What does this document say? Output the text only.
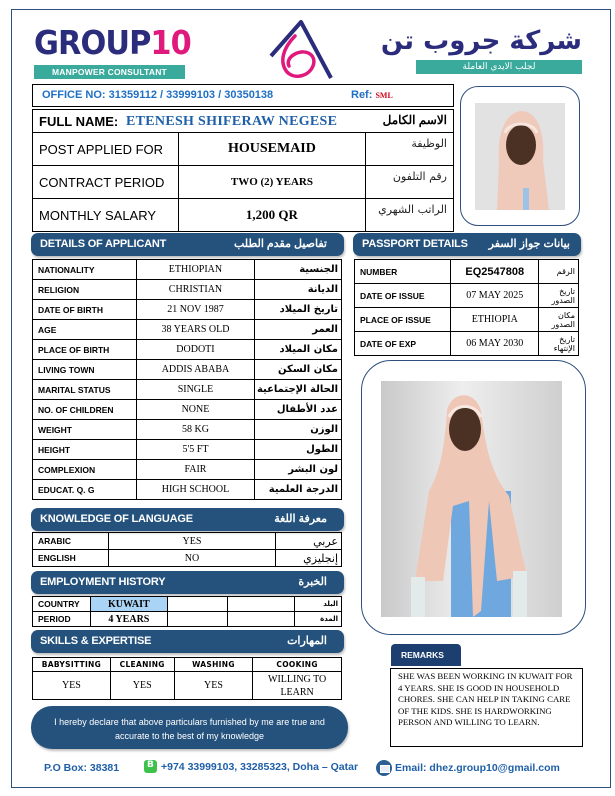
GROUP10
MANPOWER CONSULTANT
شركة جروب تن
لجلب الايدي العاملة
OFFICE NO: 31359112 / 33999103 / 30350138	Ref: SML
FULL NAME: ETENESH SHIFERAW NEGESE الاسم الكامل		

POST APPLIED FOR	HOUSEMAID	الوظيفة
CONTRACT PERIOD	TWO (2) YEARS	رقم التلفون
MONTHLY SALARY	1,200 QR	الراتب الشهري
DETAILS OF APPLICANT	تفاصيل مقدم الطلب
NATIONALITY	ETHIOPIAN	الجنسية
RELIGION	CHRISTIAN	الديانة
DATE OF BIRTH	21 NOV 1987	تاريخ الميلاد
AGE	38 YEARS OLD	العمر
PLACE OF BIRTH	DODOTI	مكان الميلاد
LIVING TOWN	ADDIS ABABA	مكان السكن
MARITAL STATUS	SINGLE	الحالة الإجتماعية
NO. OF CHILDREN	NONE	عدد الأطفال
WEIGHT	58 KG	الوزن
HEIGHT	5'5 FT	الطول
COMPLEXION	FAIR	لون البشر
EDUCAT. Q. G	HIGH SCHOOL	الدرجة العلمية
PASSPORT DETAILS بيانات جواز السفر
NUMBER	EQ2547808	الرقم
DATE OF ISSUE	07 MAY 2025	تاريخ الصدور
PLACE OF ISSUE	ETHIOPIA	مكان الصدور
DATE OF EXP	06 MAY 2030	تاريخ الإنتهاء
KNOWLEDGE OF LANGUAGE	معرفة اللغة
ARABIC	YES	عربي
ENGLISH	NO	إنجليزي
EMPLOYMENT HISTORY	الخبرة
COUNTRY	KUWAIT			البلد
PERIOD	4 YEARS			المدة
SKILLS & EXPERTISE	المهارات
BABYSITTING	CLEANING	WASHING	COOKING
YES	YES	YES	WILLING TO LEARN
I hereby declare that above particulars furnished by me are true and accurate to the best of my knowledge
REMARKS
SHE WAS BEEN WORKING IN KUWAIT FOR 4 YEARS. SHE IS GOOD IN HOUSEHOLD CHORES. SHE CAN HELP IN TAKING CARE OF THE KIDS. SHE IS HARDWORKING PERSON AND WILLING TO LEARN.
P.O Box: 38381 B	+974 33999103, 33285323, Doha – Qatar	Email: dhez.group10@gmail.com
